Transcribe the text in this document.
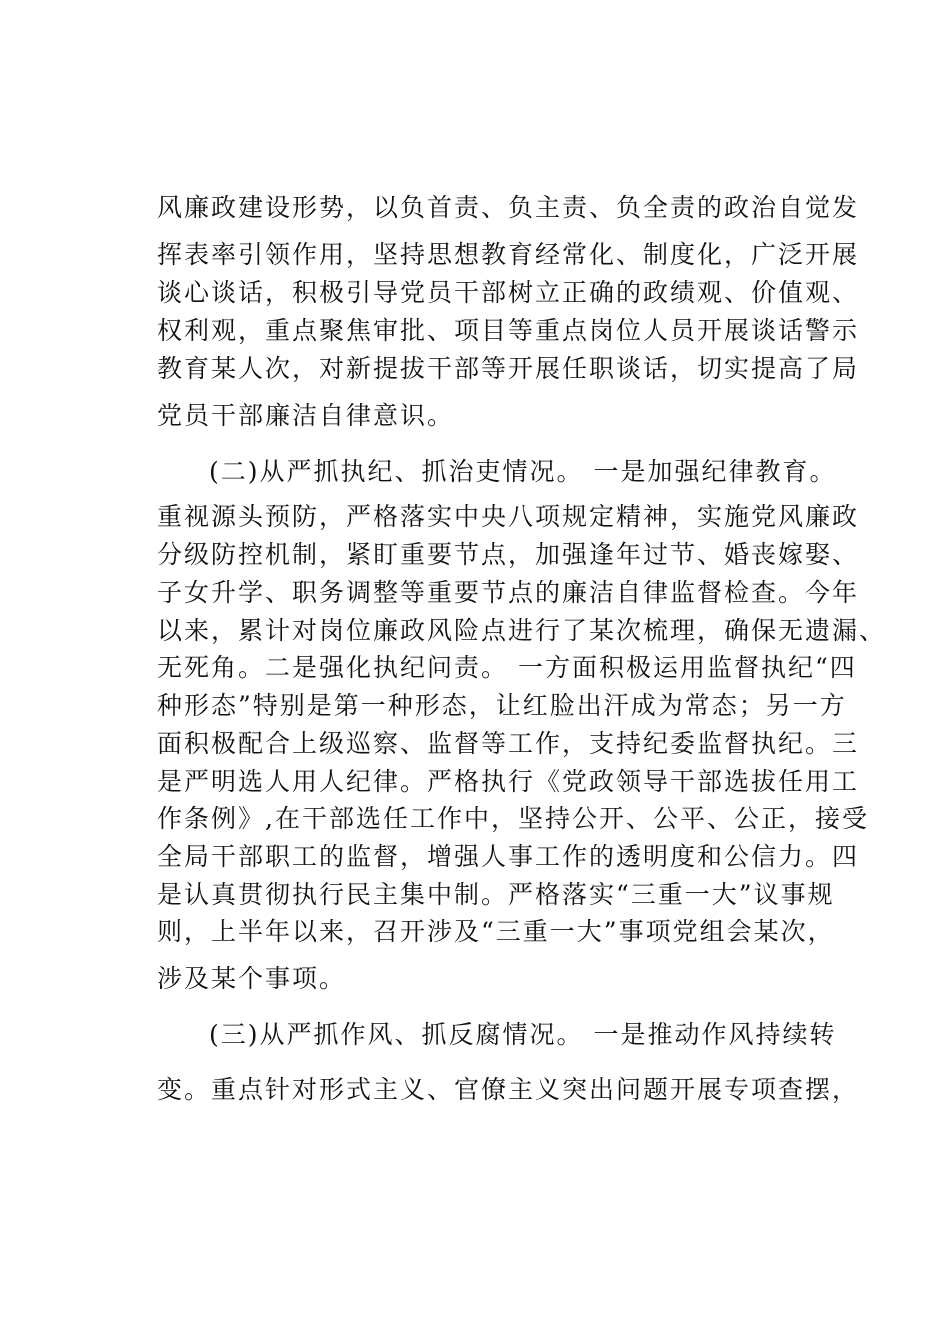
风廉政建设形势，以负首责、负主责、负全责的政治自觉发

挥表率引领作用，坚持思想教育经常化、制度化，广泛开展

谈心谈话，积极引导党员干部树立正确的政绩观、价值观、

权利观，重点聚焦审批、项目等重点岗位人员开展谈话警示

教育某人次，对新提拔干部等开展任职谈话，切实提高了局

党员干部廉洁自律意识。

(二)从严抓执纪、抓治吏情况。 一是加强纪律教育。

重视源头预防，严格落实中央八项规定精神，实施党风廉政

分级防控机制，紧盯重要节点，加强逢年过节、婚丧嫁娶、

子女升学、职务调整等重要节点的廉洁自律监督检查。今年

以来，累计对岗位廉政风险点进行了某次梳理，确保无遗漏、

无死角。二是强化执纪问责。 一方面积极运用监督执纪“四

种形态”特别是第一种形态，让红脸出汗成为常态；另一方

面积极配合上级巡察、监督等工作，支持纪委监督执纪。三

是严明选人用人纪律。严格执行《党政领导干部选拔任用工

作条例》,在干部选任工作中，坚持公开、公平、公正，接受

全局干部职工的监督，增强人事工作的透明度和公信力。四

是认真贯彻执行民主集中制。严格落实“三重一大”议事规

则，上半年以来，召开涉及“三重一大”事项党组会某次，

涉及某个事项。

(三)从严抓作风、抓反腐情况。 一是推动作风持续转

变。重点针对形式主义、官僚主义突出问题开展专项查摆，
